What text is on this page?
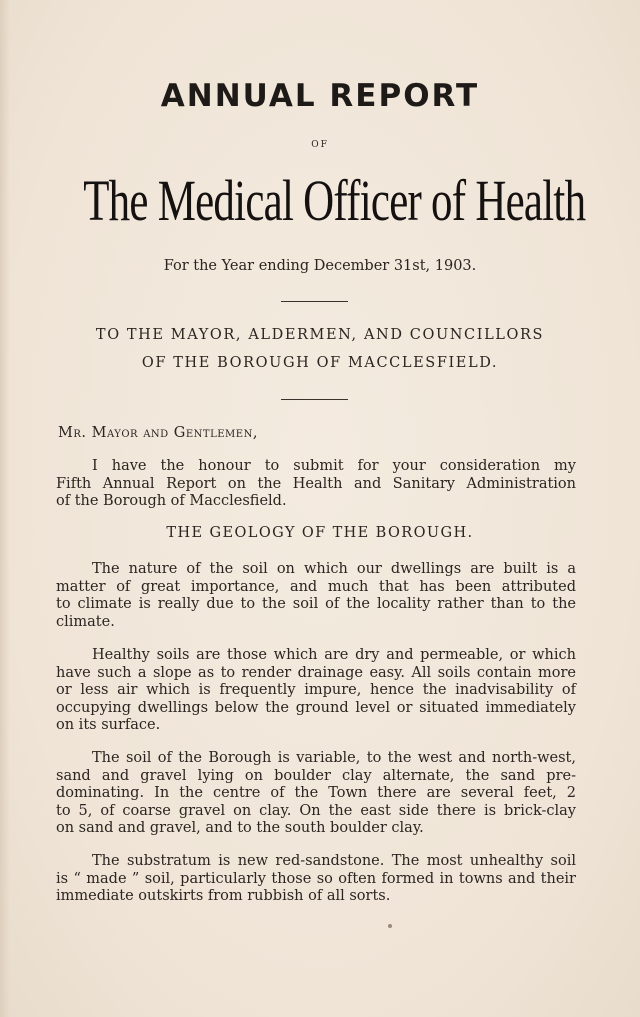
ANNUAL REPORT
OF
The Medical Officer of Health
For the Year ending December 31st, 1903.
TO THE MAYOR, ALDERMEN, AND COUNCILLORS
OF THE BOROUGH OF MACCLESFIELD.
Mr. Mayor and Gentlemen,
I have the honour to submit for your consideration my
Fifth Annual Report on the Health and Sanitary Administration
of the Borough of Macclesfield.
THE GEOLOGY OF THE BOROUGH.
The nature of the soil on which our dwellings are built is a
matter of great importance, and much that has been attributed
to climate is really due to the soil of the locality rather than to the
climate.
Healthy soils are those which are dry and permeable, or which
have such a slope as to render drainage easy. All soils contain more
or less air which is frequently impure, hence the inadvisability of
occupying dwellings below the ground level or situated immediately
on its surface.
The soil of the Borough is variable, to the west and north-west,
sand and gravel lying on boulder clay alternate, the sand pre-
dominating. In the centre of the Town there are several feet, 2
to 5, of coarse gravel on clay. On the east side there is brick-clay
on sand and gravel, and to the south boulder clay.
The substratum is new red-sandstone. The most unhealthy soil
is “ made ” soil, particularly those so often formed in towns and their
immediate outskirts from rubbish of all sorts.
